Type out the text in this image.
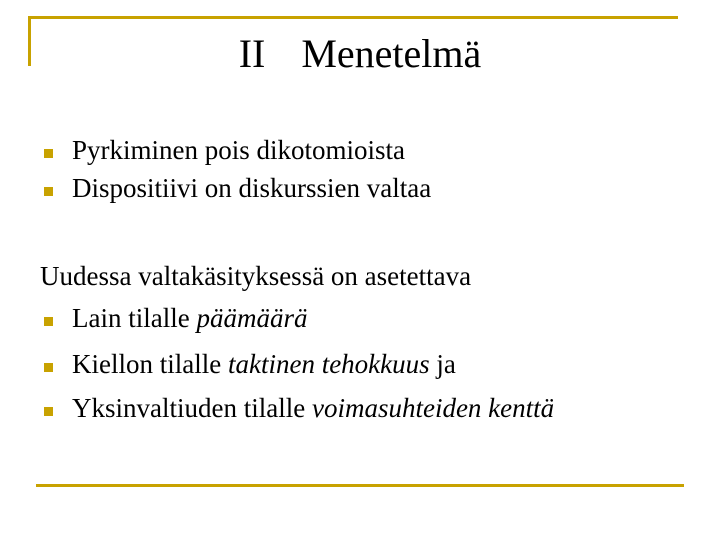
II Menetelmä
Pyrkiminen pois dikotomioista
Dispositiivi on diskurssien valtaa
Uudessa valtakäsityksessä on asetettava
Lain tilalle päämäärä
Kiellon tilalle taktinen tehokkuus ja
Yksinvaltiuden tilalle voimasuhteiden kenttä
